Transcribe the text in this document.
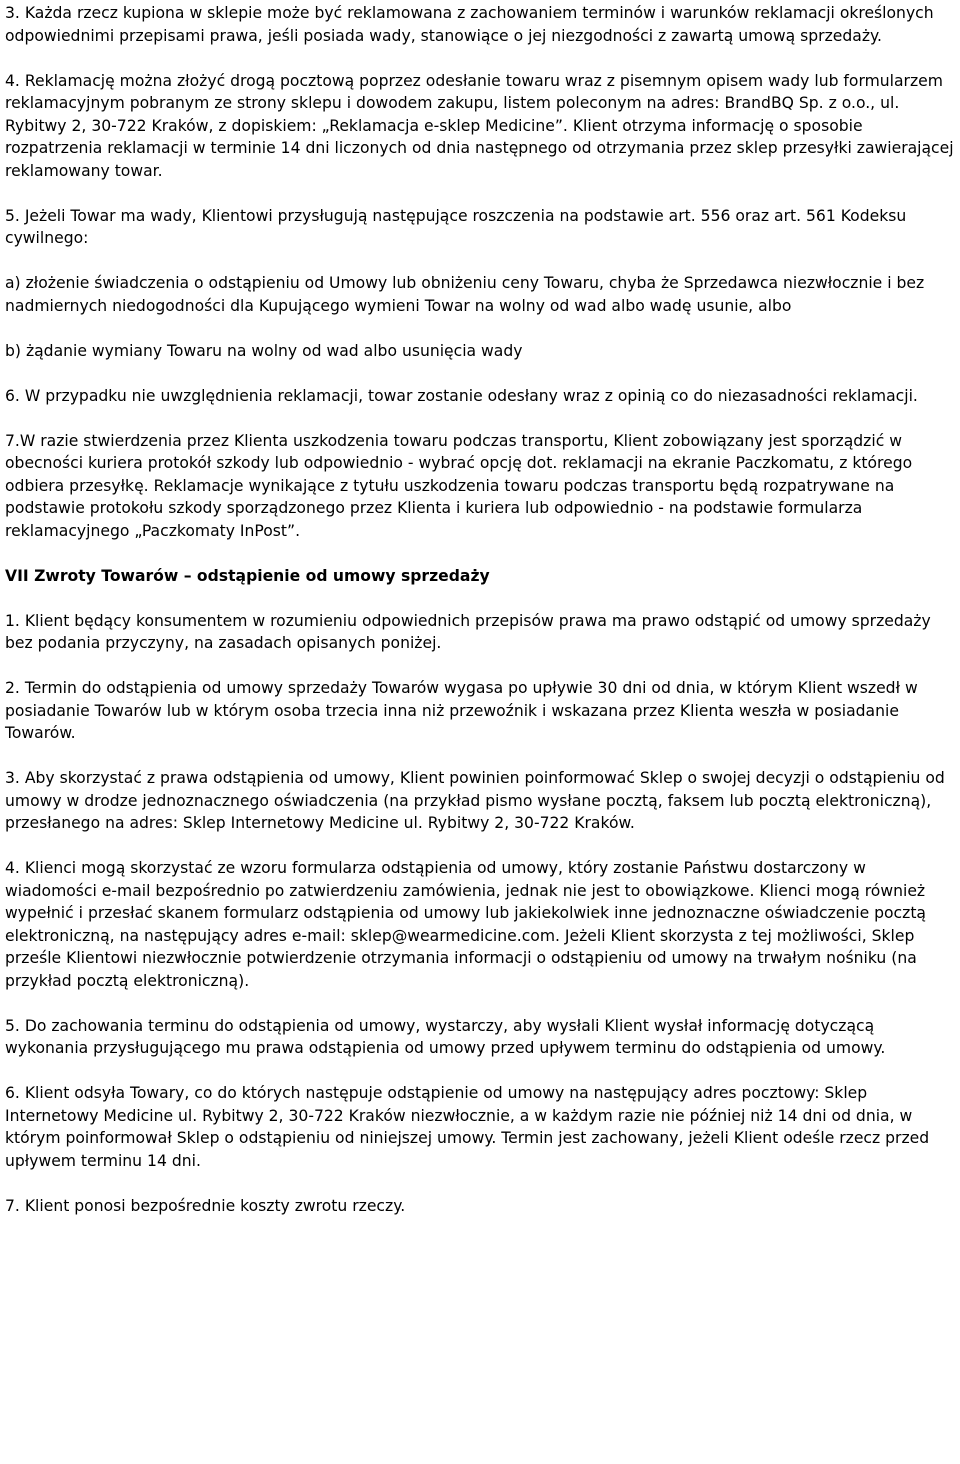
3. Każda rzecz kupiona w sklepie może być reklamowana z zachowaniem terminów i warunków reklamacji określonych odpowiednimi przepisami prawa, jeśli posiada wady, stanowiące o jej niezgodności z zawartą umową sprzedaży.

4. Reklamację można złożyć drogą pocztową poprzez odesłanie towaru wraz z pisemnym opisem wady lub formularzem reklamacyjnym pobranym ze strony sklepu i dowodem zakupu, listem poleconym na adres: BrandBQ Sp. z o.o., ul. Rybitwy 2, 30-722 Kraków, z dopiskiem: „Reklamacja e-sklep Medicine”. Klient otrzyma informację o sposobie rozpatrzenia reklamacji w terminie 14 dni liczonych od dnia następnego od otrzymania przez sklep przesyłki zawierającej reklamowany towar.

5. Jeżeli Towar ma wady, Klientowi przysługują następujące roszczenia na podstawie art. 556 oraz art. 561 Kodeksu cywilnego:

a) złożenie świadczenia o odstąpieniu od Umowy lub obniżeniu ceny Towaru, chyba że Sprzedawca niezwłocznie i bez nadmiernych niedogodności dla Kupującego wymieni Towar na wolny od wad albo wadę usunie, albo

b) żądanie wymiany Towaru na wolny od wad albo usunięcia wady

6. W przypadku nie uwzględnienia reklamacji, towar zostanie odesłany wraz z opinią co do niezasadności reklamacji.

7.W razie stwierdzenia przez Klienta uszkodzenia towaru podczas transportu, Klient zobowiązany jest sporządzić w obecności kuriera protokół szkody lub odpowiednio - wybrać opcję dot. reklamacji na ekranie Paczkomatu, z którego odbiera przesyłkę. Reklamacje wynikające z tytułu uszkodzenia towaru podczas transportu będą rozpatrywane na podstawie protokołu szkody sporządzonego przez Klienta i kuriera lub odpowiednio - na podstawie formularza reklamacyjnego „Paczkomaty InPost”.

VII Zwroty Towarów – odstąpienie od umowy sprzedaży

1. Klient będący konsumentem w rozumieniu odpowiednich przepisów prawa ma prawo odstąpić od umowy sprzedaży bez podania przyczyny, na zasadach opisanych poniżej.

2. Termin do odstąpienia od umowy sprzedaży Towarów wygasa po upływie 30 dni od dnia, w którym Klient wszedł w posiadanie Towarów lub w którym osoba trzecia inna niż przewoźnik i wskazana przez Klienta weszła w posiadanie Towarów.

3. Aby skorzystać z prawa odstąpienia od umowy, Klient powinien poinformować Sklep o swojej decyzji o odstąpieniu od umowy w drodze jednoznacznego oświadczenia (na przykład pismo wysłane pocztą, faksem lub pocztą elektroniczną), przesłanego na adres: Sklep Internetowy Medicine ul. Rybitwy 2, 30-722 Kraków.

4. Klienci mogą skorzystać ze wzoru formularza odstąpienia od umowy, który zostanie Państwu dostarczony w wiadomości e-mail bezpośrednio po zatwierdzeniu zamówienia, jednak nie jest to obowiązkowe. Klienci mogą również wypełnić i przesłać skanem formularz odstąpienia od umowy lub jakiekolwiek inne jednoznaczne oświadczenie pocztą elektroniczną, na następujący adres e-mail: sklep@wearmedicine.com. Jeżeli Klient skorzysta z tej możliwości, Sklep prześle Klientowi niezwłocznie potwierdzenie otrzymania informacji o odstąpieniu od umowy na trwałym nośniku (na przykład pocztą elektroniczną).

5. Do zachowania terminu do odstąpienia od umowy, wystarczy, aby wysłali Klient wysłał informację dotyczącą wykonania przysługującego mu prawa odstąpienia od umowy przed upływem terminu do odstąpienia od umowy.

6. Klient odsyła Towary, co do których następuje odstąpienie od umowy na następujący adres pocztowy: Sklep Internetowy Medicine ul. Rybitwy 2, 30-722 Kraków niezwłocznie, a w każdym razie nie później niż 14 dni od dnia, w którym poinformował Sklep o odstąpieniu od niniejszej umowy. Termin jest zachowany, jeżeli Klient odeśle rzecz przed upływem terminu 14 dni.

7. Klient ponosi bezpośrednie koszty zwrotu rzeczy.
